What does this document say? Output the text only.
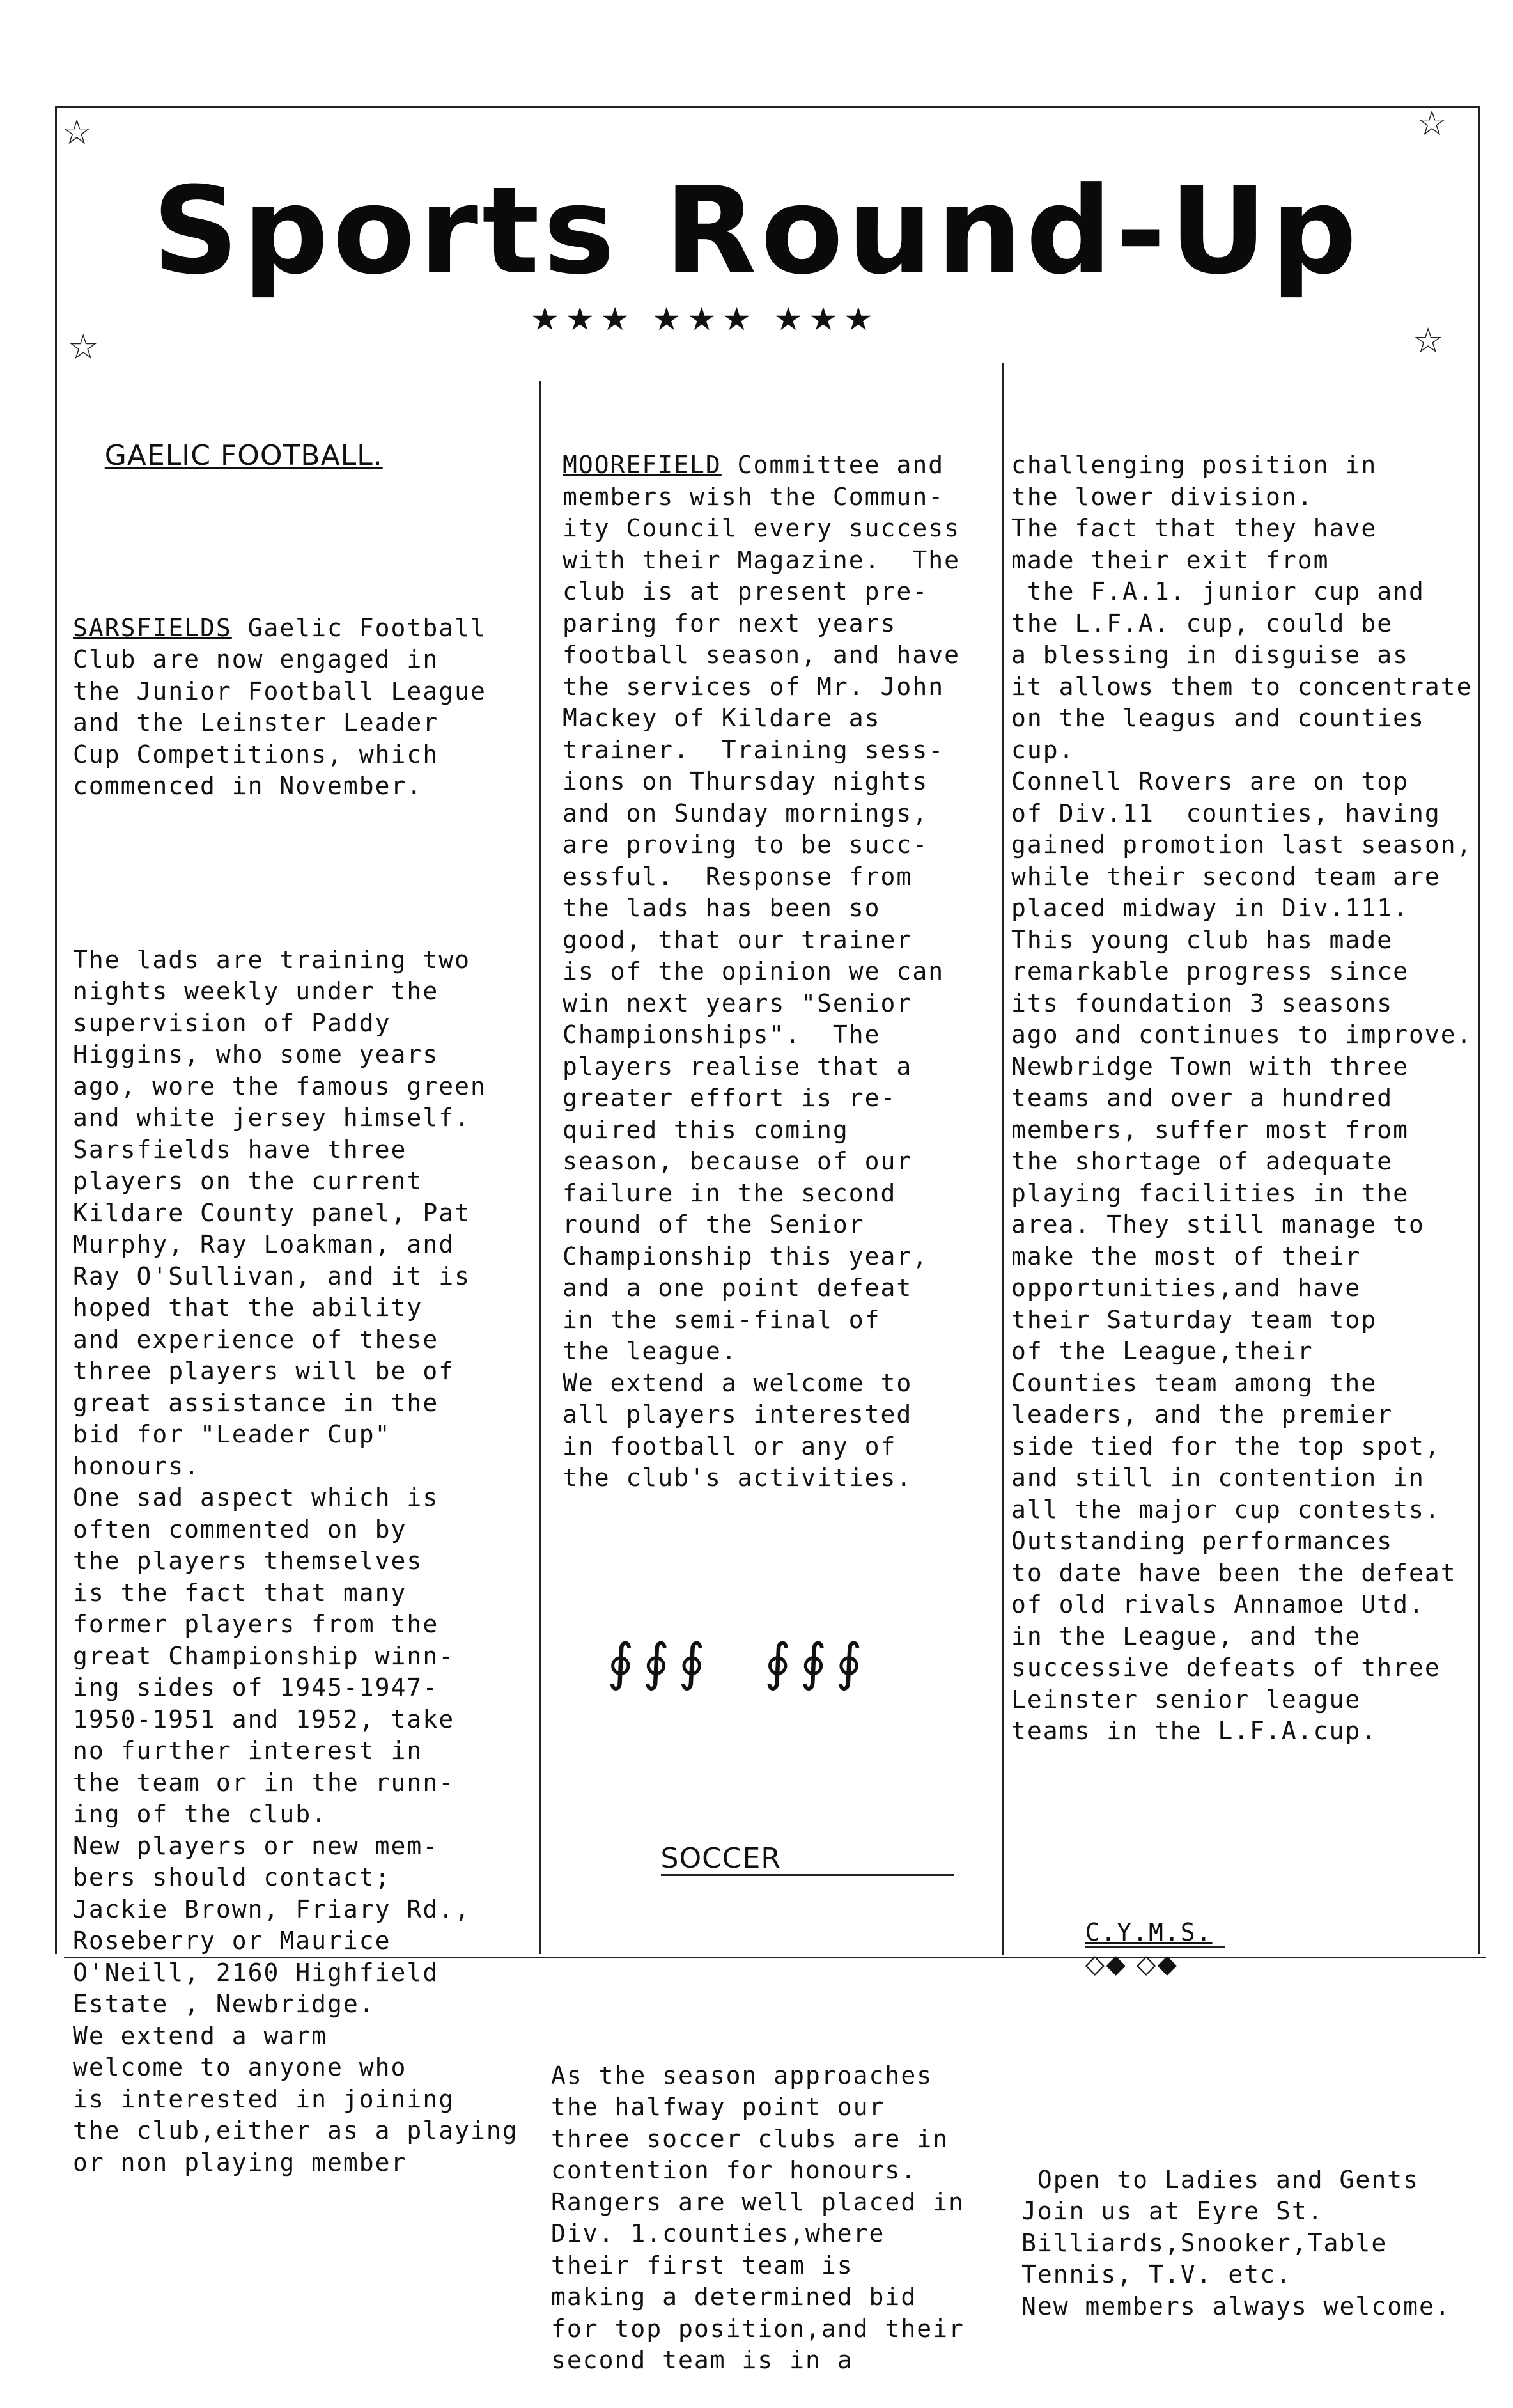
☆	☆
☆	☆
Sports Round-Up
★★★ ★★★ ★★★

GAELIC FOOTBALL.

SARSFIELDS Gaelic Football
Club are now engaged in
the Junior Football League
and the Leinster Leader
Cup Competitions, which
commenced in November.

The lads are training two
nights weekly under the
supervision of Paddy
Higgins, who some years
ago, wore the famous green
and white jersey himself.
Sarsfields have three
players on the current
Kildare County panel, Pat
Murphy, Ray Loakman, and
Ray O'Sullivan, and it is
hoped that the ability
and experience of these
three players will be of
great assistance in the
bid for "Leader Cup"
honours.
One sad aspect which is
often commented on by
the players themselves
is the fact that many
former players from the
great Championship winn-
ing sides of 1945-1947-
1950-1951 and 1952, take
no further interest in
the team or in the runn-
ing of the club.
New players or new mem-
bers should contact;
Jackie Brown, Friary Rd.,
Roseberry or Maurice
O'Neill, 2160 Highfield
Estate , Newbridge.
We extend a warm
welcome to anyone who
is interested in joining
the club,either as a playing
or non playing member

MOOREFIELD Committee and
members wish the Commun-
ity Council every success
with their Magazine.  The
club is at present pre-
paring for next years
football season, and have
the services of Mr. John
Mackey of Kildare as
trainer.  Training sess-
ions on Thursday nights
and on Sunday mornings,
are proving to be succ-
essful.  Response from
the lads has been so
good, that our trainer
is of the opinion we can
win next years "Senior
Championships".  The
players realise that a
greater effort is re-
quired this coming
season, because of our
failure in the second
round of the Senior
Championship this year,
and a one point defeat
in the semi-final of
the league.
We extend a welcome to
all players interested
in football or any of
the club's activities.

∮∮∮  ∮∮∮

SOCCER

As the season approaches
the halfway point our
three soccer clubs are in
contention for honours.
Rangers are well placed in
Div. 1.counties,where
their first team is
making a determined bid
for top position,and their
second team is in a

challenging position in
the lower division.
The fact that they have
made their exit from
the F.A.1. junior cup and
the L.F.A. cup, could be
a blessing in disguise as
it allows them to concentrate
on the leagus and counties
cup.
Connell Rovers are on top
of Div.11  counties, having
gained promotion last season,
while their second team are
placed midway in Div.111.
This young club has made
remarkable progress since
its foundation 3 seasons
ago and continues to improve.
Newbridge Town with three
teams and over a hundred
members, suffer most from
the shortage of adequate
playing facilities in the
area. They still manage to
make the most of their
opportunities,and have
their Saturday team top
of the League,their
Counties team among the
leaders, and the premier
side tied for the top spot,
and still in contention in
all the major cup contests.
Outstanding performances
to date have been the defeat
of old rivals Annamoe Utd.
in the League, and the
successive defeats of three
Leinster senior league
teams in the L.F.A.cup.

C.Y.M.S.
◇◆ ◇◆

Open to Ladies and Gents
Join us at Eyre St.
Billiards,Snooker,Table
Tennis, T.V. etc.
New members always welcome.
